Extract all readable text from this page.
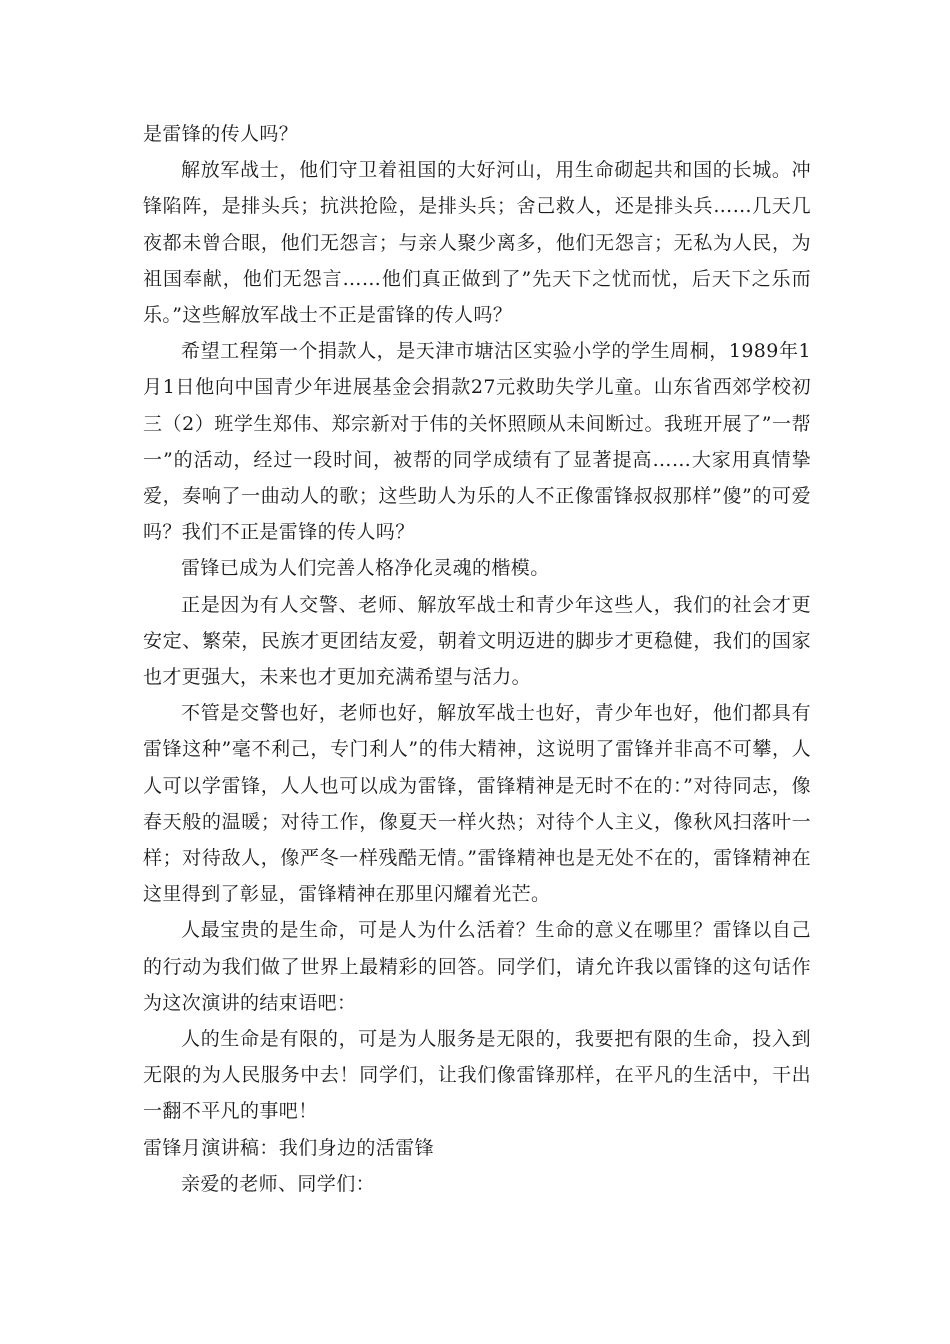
是雷锋的传人吗？

解放军战士，他们守卫着祖国的大好河山，用生命砌起共和国的长城。冲锋陷阵，是排头兵；抗洪抢险，是排头兵；舍己救人，还是排头兵……几天几夜都未曾合眼，他们无怨言；与亲人聚少离多，他们无怨言；无私为人民，为祖国奉献，他们无怨言……他们真正做到了”先天下之忧而忧，后天下之乐而乐。”这些解放军战士不正是雷锋的传人吗？

希望工程第一个捐款人，是天津市塘沽区实验小学的学生周桐，1989年1月1日他向中国青少年进展基金会捐款27元救助失学儿童。山东省西郊学校初三（2）班学生郑伟、郑宗新对于伟的关怀照顾从未间断过。我班开展了”一帮一”的活动，经过一段时间，被帮的同学成绩有了显著提高……大家用真情挚爱，奏响了一曲动人的歌；这些助人为乐的人不正像雷锋叔叔那样”傻”的可爱吗？我们不正是雷锋的传人吗？

雷锋已成为人们完善人格净化灵魂的楷模。

正是因为有人交警、老师、解放军战士和青少年这些人，我们的社会才更安定、繁荣，民族才更团结友爱，朝着文明迈进的脚步才更稳健，我们的国家也才更强大，未来也才更加充满希望与活力。

不管是交警也好，老师也好，解放军战士也好，青少年也好，他们都具有雷锋这种”毫不利己，专门利人”的伟大精神，这说明了雷锋并非高不可攀，人人可以学雷锋，人人也可以成为雷锋，雷锋精神是无时不在的：”对待同志，像春天般的温暖；对待工作，像夏天一样火热；对待个人主义，像秋风扫落叶一样；对待敌人，像严冬一样残酷无情。”雷锋精神也是无处不在的，雷锋精神在这里得到了彰显，雷锋精神在那里闪耀着光芒。

人最宝贵的是生命，可是人为什么活着？生命的意义在哪里？雷锋以自己的行动为我们做了世界上最精彩的回答。同学们，请允许我以雷锋的这句话作为这次演讲的结束语吧：

人的生命是有限的，可是为人服务是无限的，我要把有限的生命，投入到无限的为人民服务中去！同学们，让我们像雷锋那样，在平凡的生活中，干出一翻不平凡的事吧！

雷锋月演讲稿：我们身边的活雷锋

亲爱的老师、同学们：
